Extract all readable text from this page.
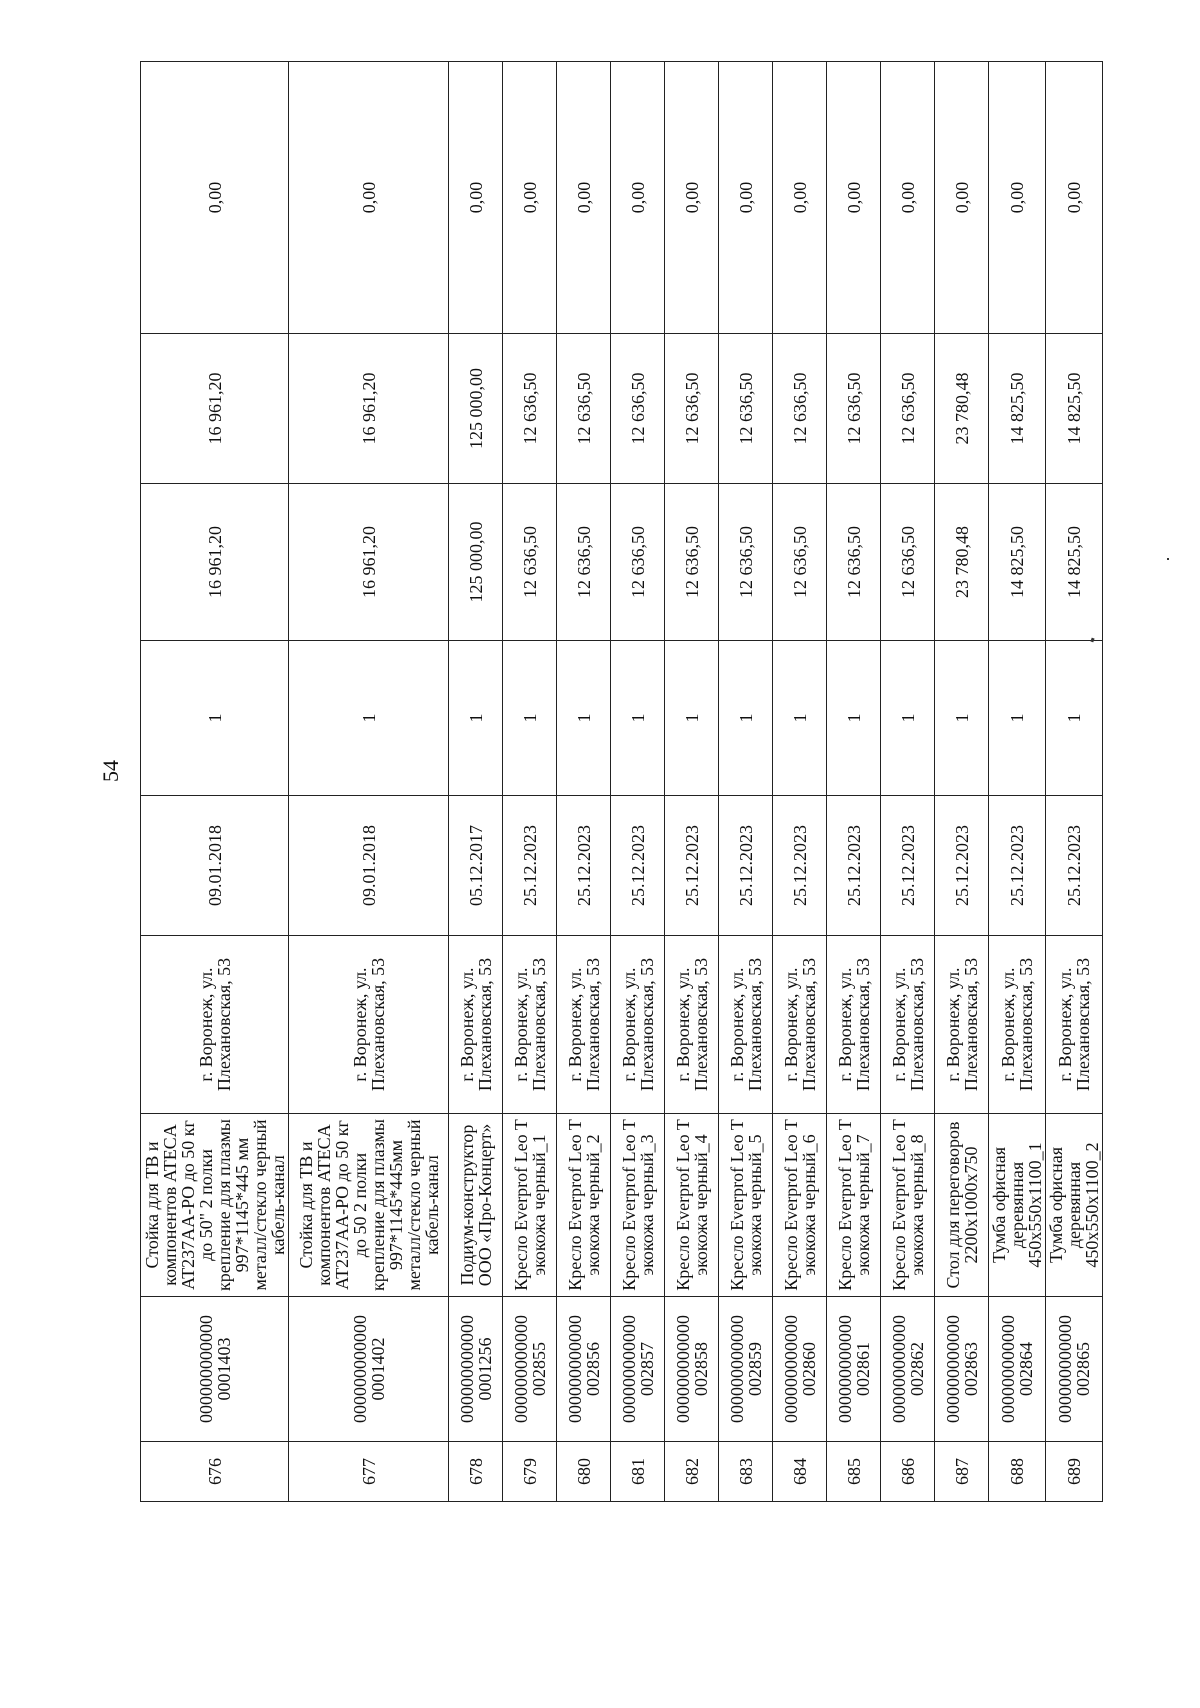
54
676	000000000000 0001403	Стойка для ТВ и компонентов ATECA AT237AA-PO до 50 кг до 50" 2 полки крепление для плазмы 997*1145*445 мм металл/стекло черный кабель-канал	г. Воронеж, ул. Плехановская, 53	09.01.2018	1	16 961,20	16 961,20	0,00
677	000000000000 0001402	Стойка для ТВ и компонентов ATECA AT237AA-PO до 50 кг до 50 2 полки крепление для плазмы 997*1145*445мм металл/стекло черный кабель-канал	г. Воронеж, ул. Плехановская, 53	09.01.2018	1	16 961,20	16 961,20	0,00
678	000000000000 0001256	Подиум-конструктор ООО «Про-Концерт»	г. Воронеж, ул. Плехановская, 53	05.12.2017	1	125 000,00	125 000,00	0,00
679	000000000000 002855	Кресло Everprof Leo T экокожа черный_1	г. Воронеж, ул. Плехановская, 53	25.12.2023	1	12 636,50	12 636,50	0,00
680	000000000000 002856	Кресло Everprof Leo T экокожа черный_2	г. Воронеж, ул. Плехановская, 53	25.12.2023	1	12 636,50	12 636,50	0,00
681	000000000000 002857	Кресло Everprof Leo T экокожа черный_3	г. Воронеж, ул. Плехановская, 53	25.12.2023	1	12 636,50	12 636,50	0,00
682	000000000000 002858	Кресло Everprof Leo T экокожа черный_4	г. Воронеж, ул. Плехановская, 53	25.12.2023	1	12 636,50	12 636,50	0,00
683	000000000000 002859	Кресло Everprof Leo T экокожа черный_5	г. Воронеж, ул. Плехановская, 53	25.12.2023	1	12 636,50	12 636,50	0,00
684	000000000000 002860	Кресло Everprof Leo T экокожа черный_6	г. Воронеж, ул. Плехановская, 53	25.12.2023	1	12 636,50	12 636,50	0,00
685	000000000000 002861	Кресло Everprof Leo T экокожа черный_7	г. Воронеж, ул. Плехановская, 53	25.12.2023	1	12 636,50	12 636,50	0,00
686	000000000000 002862	Кресло Everprof Leo T экокожа черный_8	г. Воронеж, ул. Плехановская, 53	25.12.2023	1	12 636,50	12 636,50	0,00
687	000000000000 002863	Стол для переговоров 2200x1000x750	г. Воронеж, ул. Плехановская, 53	25.12.2023	1	23 780,48	23 780,48	0,00
688	000000000000 002864	Тумба офисная деревянная 450x550x1100_1	г. Воронеж, ул. Плехановская, 53	25.12.2023	1	14 825,50	14 825,50	0,00
689	000000000000 002865	Тумба офисная деревянная 450x550x1100_2	г. Воронеж, ул. Плехановская, 53	25.12.2023	1	14 825,50	14 825,50	0,00
